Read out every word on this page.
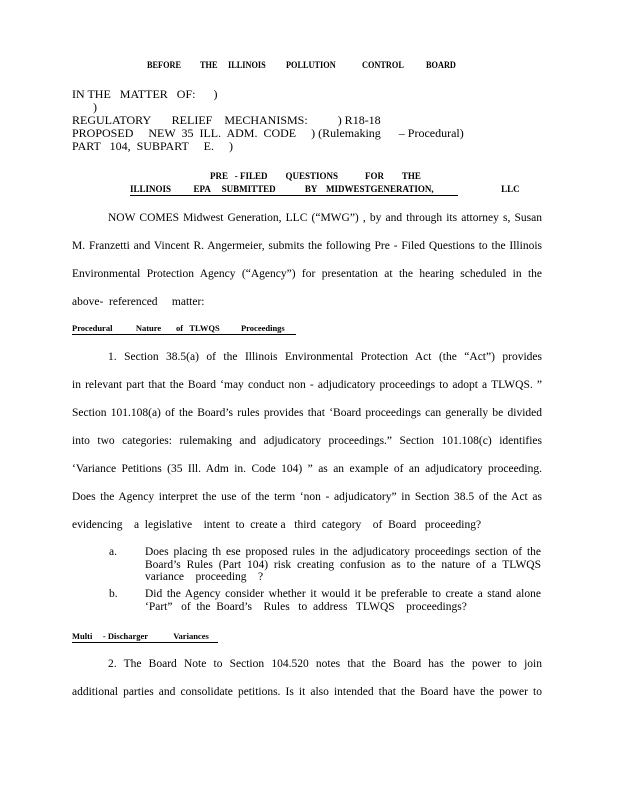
BEFORE THE ILLINOIS POLLUTION	CONTROL BOARD
IN THE   MATTER   OF:      )
)
REGULATORY       RELIEF    MECHANISMS:          ) R18-18
PROPOSED     NEW  35  ILL.  ADM.  CODE     ) (Rulemaking      – Procedural)
PART   104,  SUBPART     E.     )
PRE   - FILED        QUESTIONS            FOR        THE
ILLINOIS          EPA     SUBMITTED             BY    MIDWESTGENERATION,                              LLC
NOW COMES Midwest Generation, LLC (“MWG”) , by and through its attorney s, Susan
M. Franzetti and Vincent R. Angermeier, submits the following Pre - Filed Questions to the Illinois
Environmental Protection Agency (“Agency”) for presentation at the hearing scheduled in the
above-  referenced     matter:
Procedural           Nature       of   TLWQS          Proceedings
1. Section 38.5(a) of the Illinois Environmental Protection Act (the “Act”) provides
in relevant part that the Board ‘may conduct non - adjudicatory proceedings to adopt a TLWQS. ”
Section 101.108(a) of the Board’s rules provides that ‘Board proceedings can generally be divided
into two categories: rulemaking and adjudicatory proceedings.” Section 101.108(c) identifies
‘Variance Petitions (35 Ill. Adm in. Code 104) ” as an example of an adjudicatory proceeding.
Does the Agency interpret the use of the term ‘non - adjudicatory” in Section 38.5 of the Act as
evidencing    a  legislative    intent  to  create a   third  category    of  Board   proceeding?
a. Does placing th ese proposed rules in the adjudicatory proceedings section of the
Board’s Rules (Part 104) risk creating confusion as to the nature of a TLWQS
variance    proceeding    ?
b. Did the Agency consider whether it would it be preferable to create a stand alone
‘Part”   of  the  Board’s    Rules   to  address   TLWQS    proceedings?
Multi     - Discharger            Variances
2. The Board Note to Section 104.520 notes that the Board has the power to join
additional parties and consolidate petitions. Is it also intended that the Board have the power to
